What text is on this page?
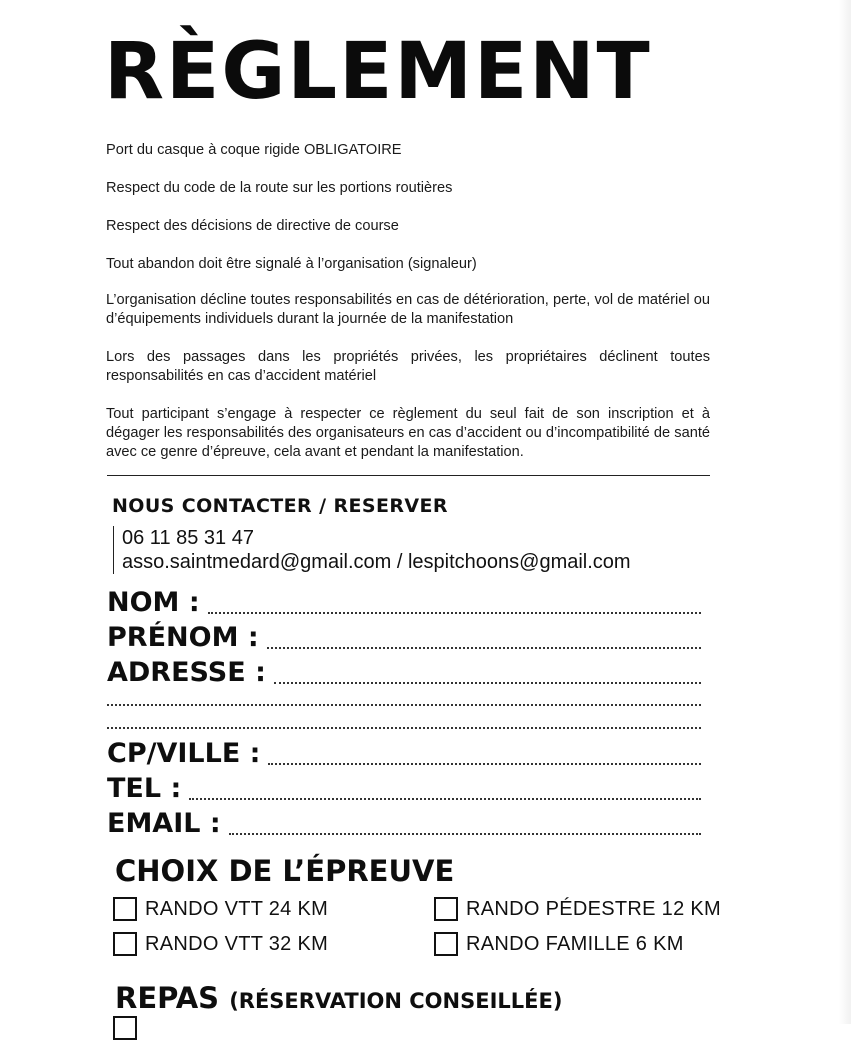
RÈGLEMENT

Port du casque à coque rigide OBLIGATOIRE

Respect du code de la route sur les portions routières

Respect des décisions de directive de course

Tout abandon doit être signalé à l’organisation (signaleur)

L’organisation décline toutes responsabilités en cas de détérioration, perte, vol de matériel ou d’équipements individuels durant la journée de la manifestation

Lors des passages dans les propriétés privées, les propriétaires déclinent toutes responsabilités en cas d’accident matériel

Tout participant s’engage à respecter ce règlement du seul fait de son inscription et à dégager les responsabilités des organisateurs en cas d’accident ou d’incompatibilité de santé avec ce genre d’épreuve, cela avant et pendant la manifestation.

NOUS CONTACTER / RESERVER
06 11 85 31 47
asso.saintmedard@gmail.com / lespitchoons@gmail.com
NOM :
PRÉNOM :
ADRESSE :
CP/VILLE :
TEL :
EMAIL :
CHOIX DE L’ÉPREUVE
RANDO VTT 24 KM
RANDO VTT 32 KM
RANDO PÉDESTRE 12 KM
RANDO FAMILLE 6 KM
REPAS (RÉSERVATION CONSEILLÉE)
